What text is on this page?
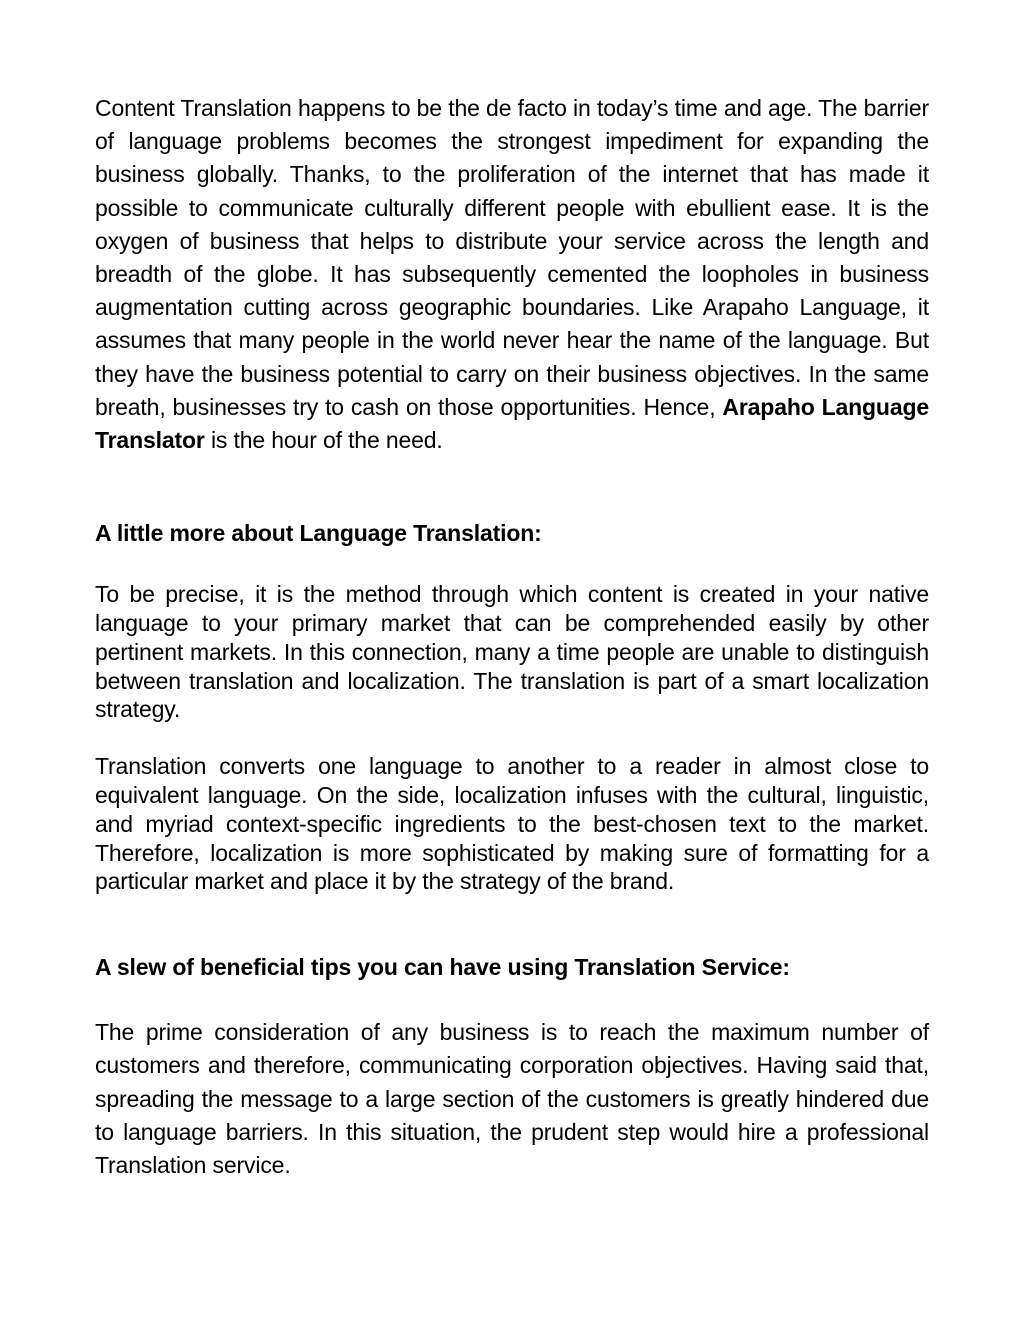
Content Translation happens to be the de facto in today’s time and age. The barrier of language problems becomes the strongest impediment for expanding the business globally. Thanks, to the proliferation of the internet that has made it possible to communicate culturally different people with ebullient ease. It is the oxygen of business that helps to distribute your service across the length and breadth of the globe. It has subsequently cemented the loopholes in business augmentation cutting across geographic boundaries. Like Arapaho Language, it assumes that many people in the world never hear the name of the language. But they have the business potential to carry on their business objectives. In the same breath, businesses try to cash on those opportunities. Hence, Arapaho Language Translator is the hour of the need.

A little more about Language Translation:

To be precise, it is the method through which content is created in your native language to your primary market that can be comprehended easily by other pertinent markets. In this connection, many a time people are unable to distinguish between translation and localization. The translation is part of a smart localization strategy.

Translation converts one language to another to a reader in almost close to equivalent language. On the side, localization infuses with the cultural, linguistic, and myriad context-specific ingredients to the best-chosen text to the market. Therefore, localization is more sophisticated by making sure of formatting for a particular market and place it by the strategy of the brand.

A slew of beneficial tips you can have using Translation Service:

The prime consideration of any business is to reach the maximum number of customers and therefore, communicating corporation objectives. Having said that, spreading the message to a large section of the customers is greatly hindered due to language barriers. In this situation, the prudent step would hire a professional Translation service.
